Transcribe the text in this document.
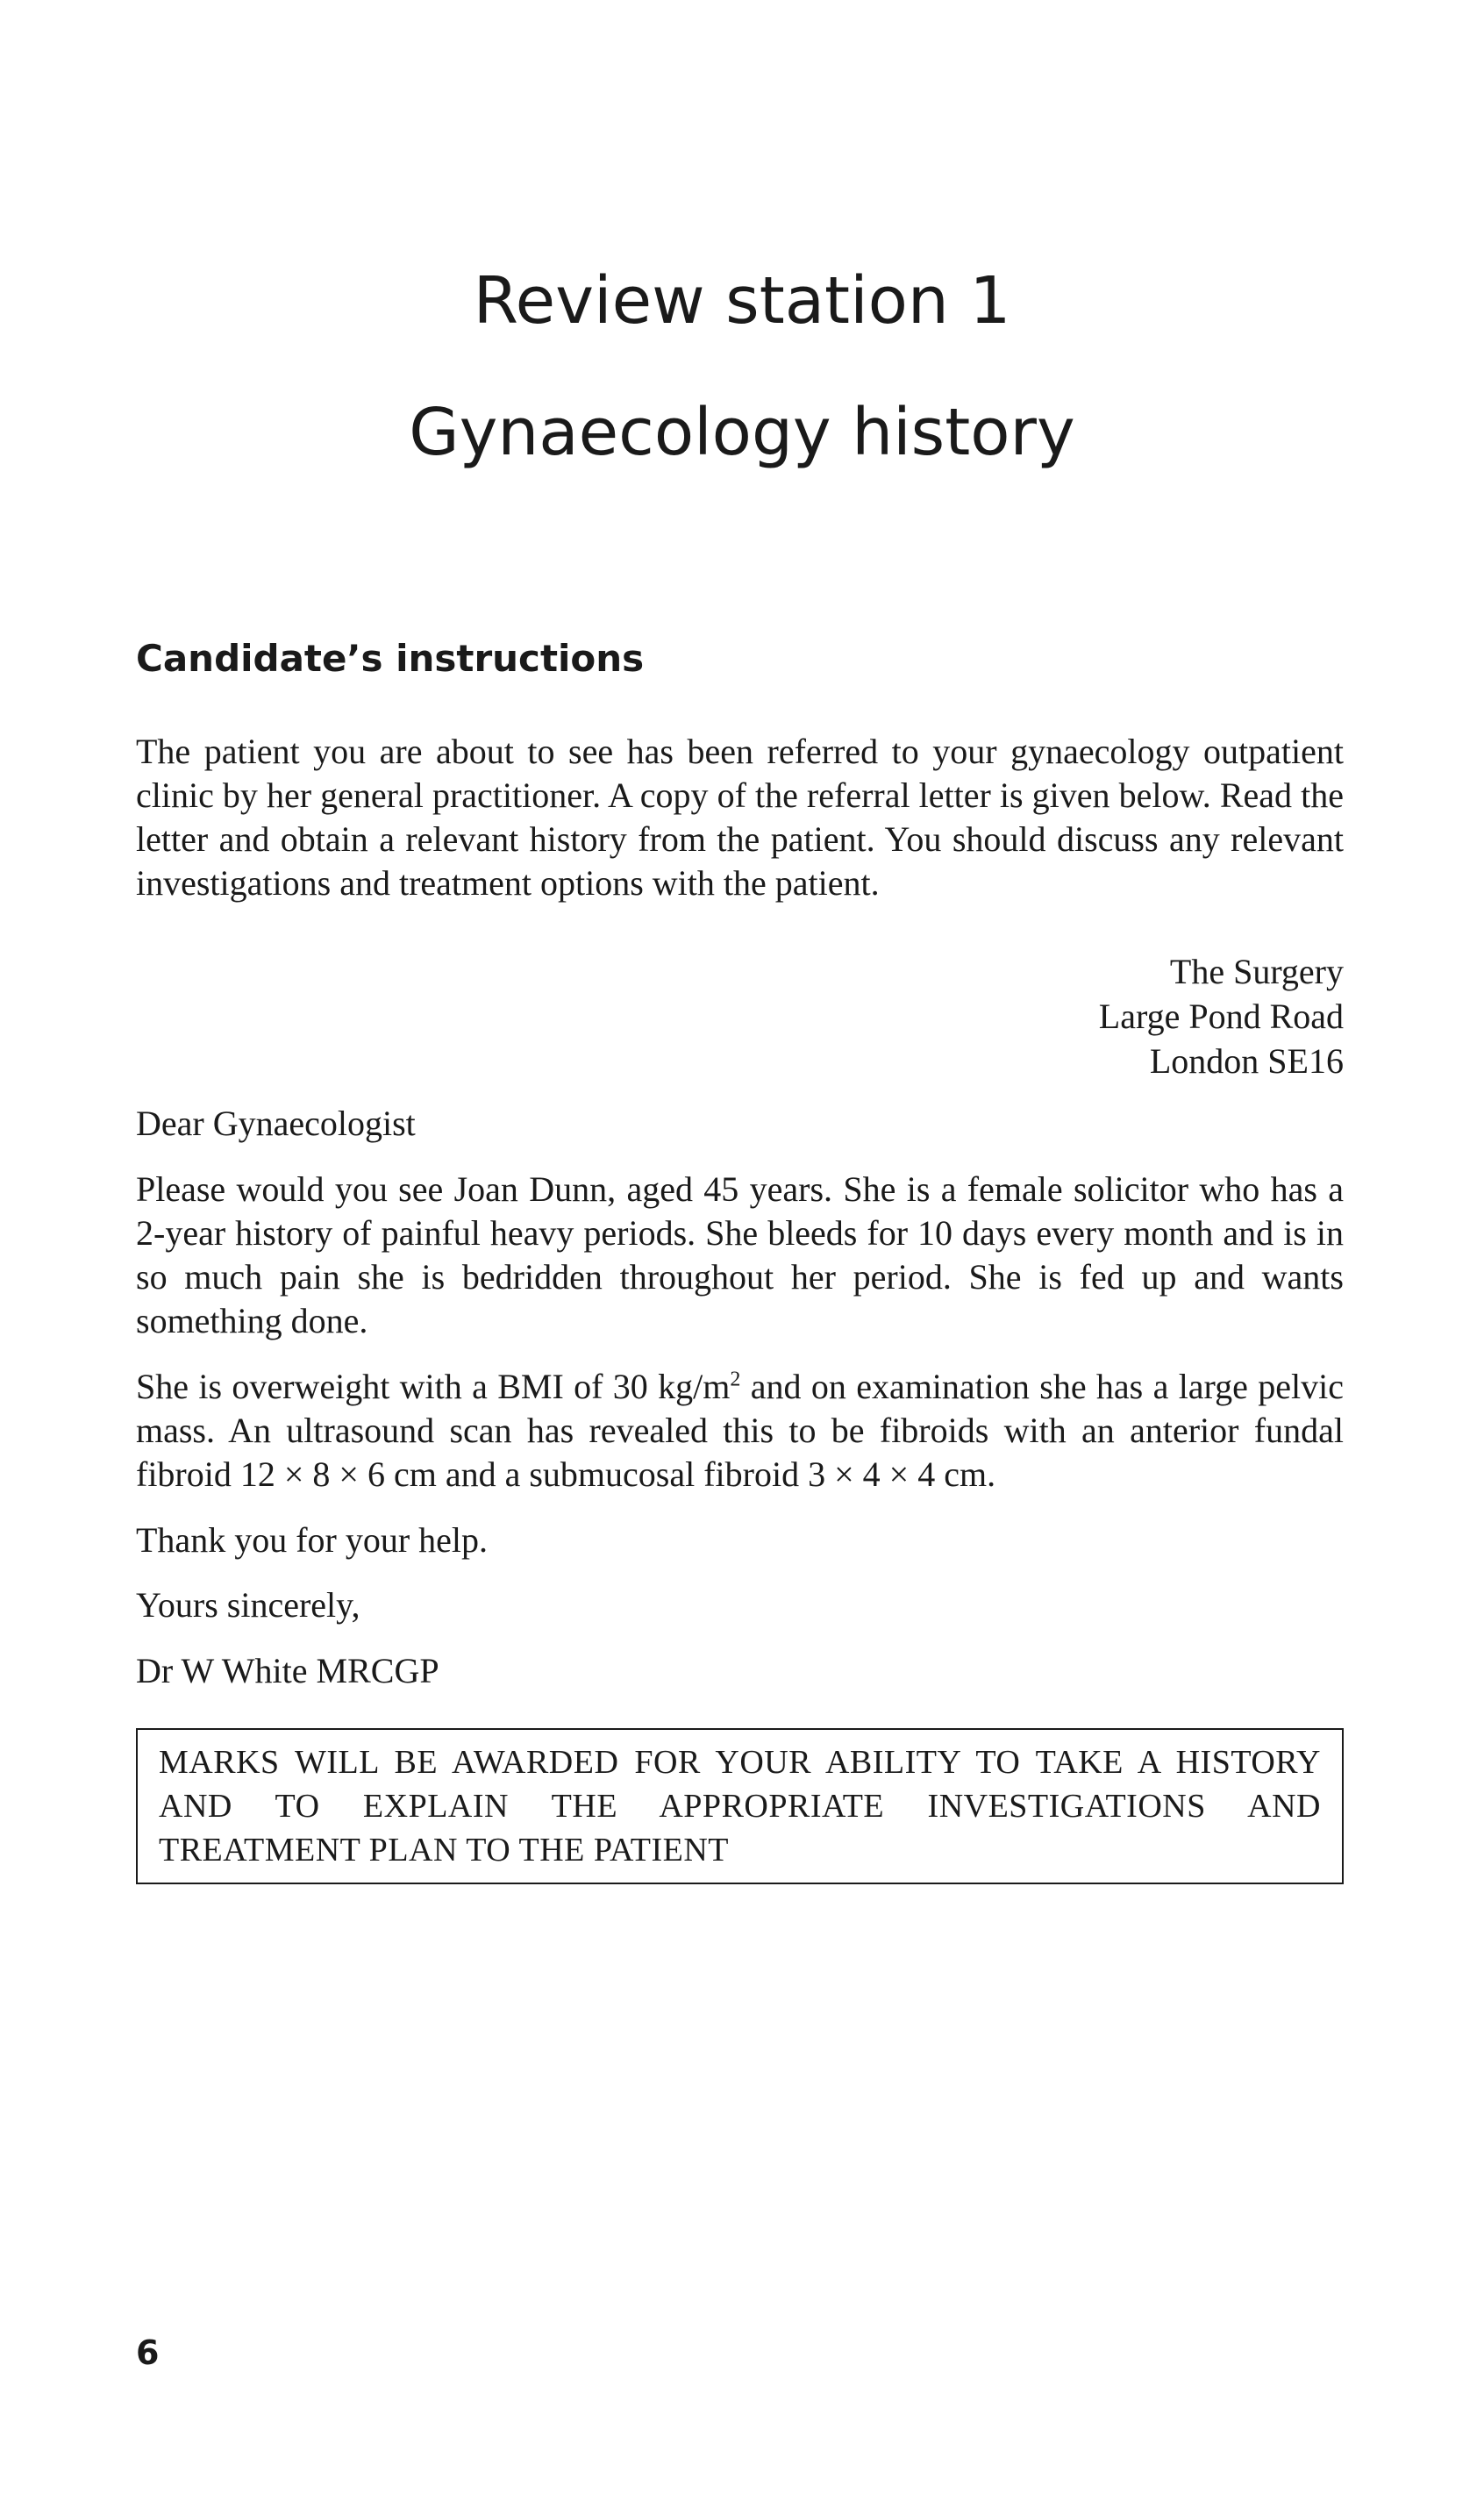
Review station 1
Gynaecology history
Candidate’s instructions

The patient you are about to see has been referred to your gynaecology outpatient clinic by her general practitioner. A copy of the referral letter is given below. Read the letter and obtain a relevant history from the patient. You should discuss any relevant investigations and treatment options with the patient.

The Surgery
Large Pond Road
London SE16

Dear Gynaecologist

Please would you see Joan Dunn, aged 45 years. She is a female solicitor who has a 2-year history of painful heavy periods. She bleeds for 10 days every month and is in so much pain she is bedridden throughout her period. She is fed up and wants something done.

She is overweight with a BMI of 30 $kg/m^2$ and on examination she has a large pelvic mass. An ultrasound scan has revealed this to be fibroids with an anterior fundal fibroid 12 × 8 × 6 cm and a submucosal fibroid 3 × 4 × 4 cm.

Thank you for your help.

Yours sincerely,

Dr W White MRCGP

MARKS WILL BE AWARDED FOR YOUR ABILITY TO TAKE A HISTORY AND TO EXPLAIN THE APPROPRIATE INVESTIGATIONS AND TREATMENT PLAN TO THE PATIENT
6
